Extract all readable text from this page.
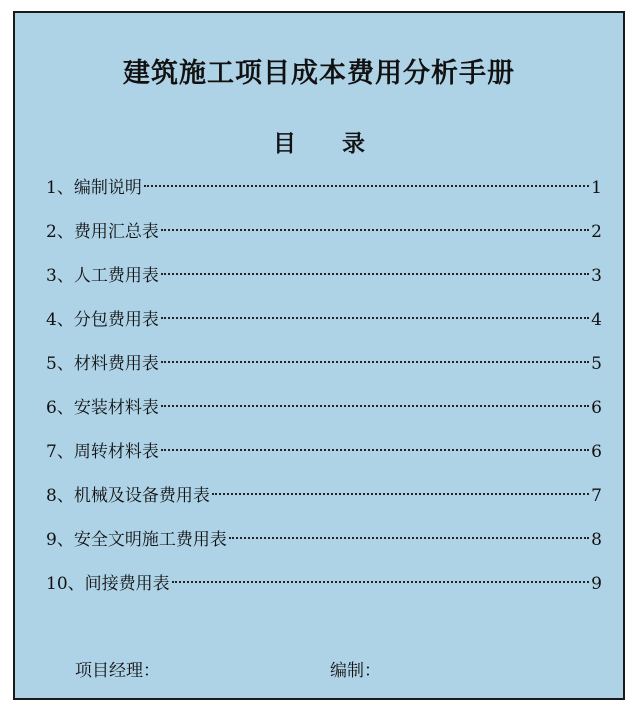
建筑施工项目成本费用分析手册
目录
1、 编制说明	1
2、 费用汇总表	2
3、 人工费用表	3
4、 分包费用表	4
5、 材料费用表	5
6、 安装材料表	6
7、 周转材料表	6
8、 机械及设备费用表	7
9、 安全文明施工费用表	8
10、 间接费用表	9
项目经理：	编制：
